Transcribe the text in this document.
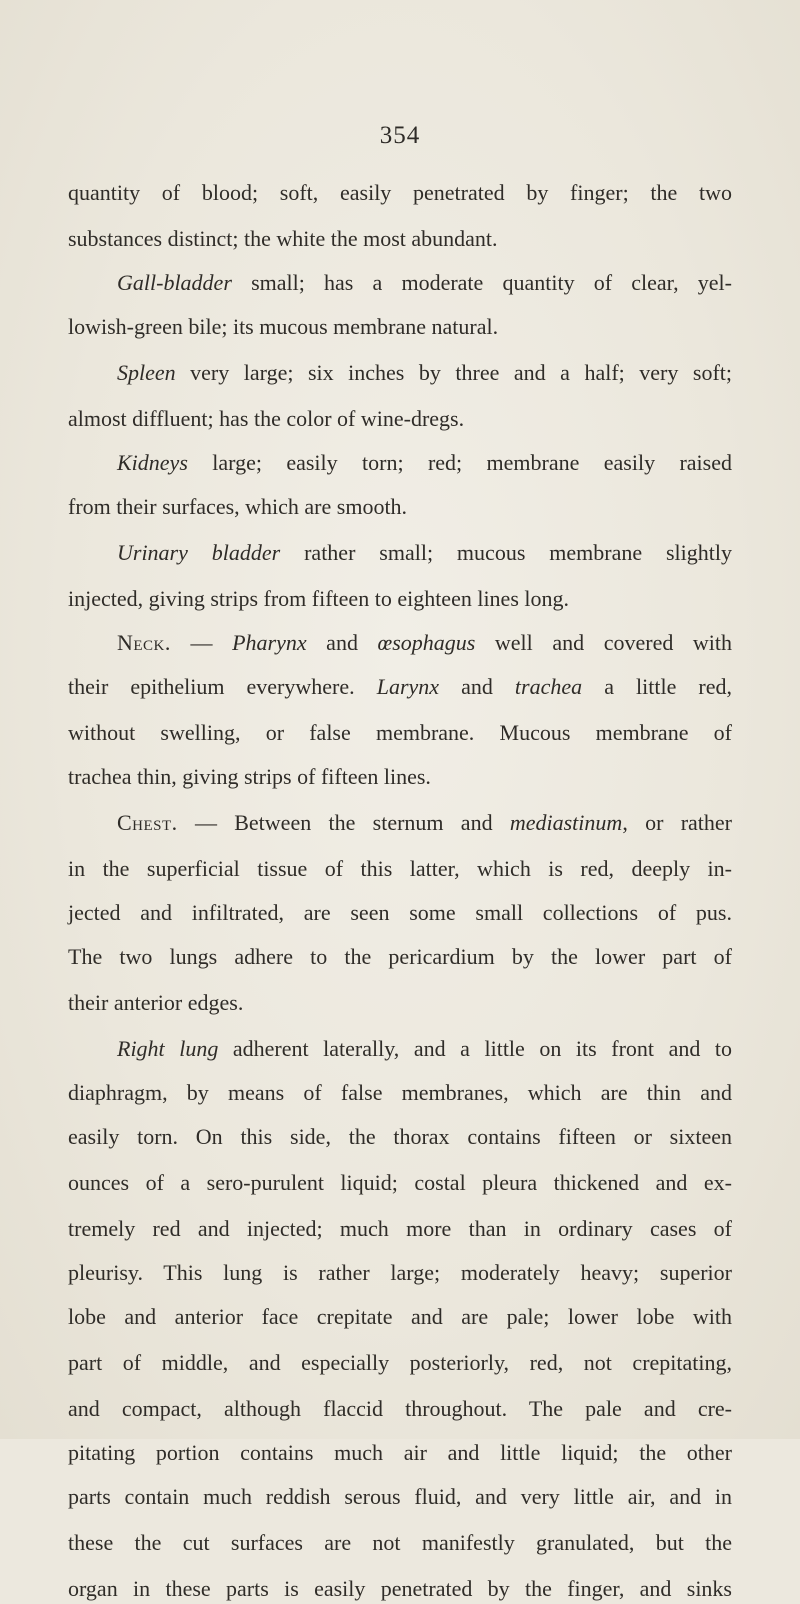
354
quantity of blood; soft, easily penetrated by finger; the two
substances distinct; the white the most abundant.
Gall-bladder small; has a moderate quantity of clear, yel-
lowish-green bile; its mucous membrane natural.
Spleen very large; six inches by three and a half; very soft;
almost diffluent; has the color of wine-dregs.
Kidneys large; easily torn; red; membrane easily raised
from their surfaces, which are smooth.
Urinary bladder rather small; mucous membrane slightly
injected, giving strips from fifteen to eighteen lines long.
Neck. — Pharynx and œsophagus well and covered with
their epithelium everywhere. Larynx and trachea a little red,
without swelling, or false membrane. Mucous membrane of
trachea thin, giving strips of fifteen lines.
Chest. — Between the sternum and mediastinum, or rather
in the superficial tissue of this latter, which is red, deeply in-
jected and infiltrated, are seen some small collections of pus.
The two lungs adhere to the pericardium by the lower part of
their anterior edges.
Right lung adherent laterally, and a little on its front and to
diaphragm, by means of false membranes, which are thin and
easily torn. On this side, the thorax contains fifteen or sixteen
ounces of a sero-purulent liquid; costal pleura thickened and ex-
tremely red and injected; much more than in ordinary cases of
pleurisy. This lung is rather large; moderately heavy; superior
lobe and anterior face crepitate and are pale; lower lobe with
part of middle, and especially posteriorly, red, not crepitating,
and compact, although flaccid throughout. The pale and cre-
pitating portion contains much air and little liquid; the other
parts contain much reddish serous fluid, and very little air, and in
these the cut surfaces are not manifestly granulated, but the
organ in these parts is easily penetrated by the finger, and sinks
